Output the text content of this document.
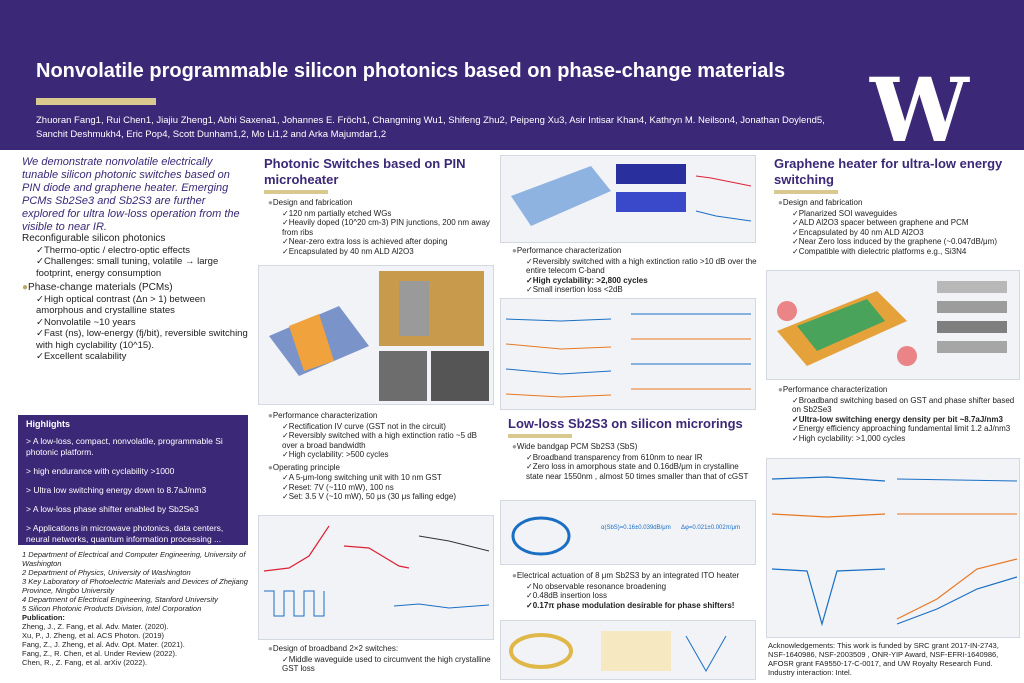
Nonvolatile programmable silicon photonics based on phase-change materials
Zhuoran Fang1, Rui Chen1, Jiajiu Zheng1, Abhi Saxena1, Johannes E. Fröch1, Changming Wu1, Shifeng Zhu2, Peipeng Xu3, Asir Intisar Khan4, Kathryn M. Neilson4, Jonathan Doylend5, Sanchit Deshmukh4, Eric Pop4, Scott Dunham1,2, Mo Li1,2 and Arka Majumdar1,2	W
We demonstrate nonvolatile electrically tunable silicon photonic switches based on PIN diode and graphene heater. Emerging PCMs Sb2Se3 and Sb2S3 are further explored for ultra low-loss operation from the visible to near IR.
Reconfigurable silicon photonics
✓ Thermo-optic / electro-optic effects
✓ Challenges: small tuning, volatile → large footprint, energy consumption
● Phase-change materials (PCMs)
✓ High optical contrast (Δn > 1) between amorphous and crystalline states
✓ Nonvolatile ~10 years
✓ Fast (ns), low-energy (fj/bit), reversible switching with high cyclability (10^15).
✓ Excellent scalability
Highlights
> A low-loss, compact, nonvolatile, programmable Si photonic platform.
> high endurance with cyclability >1000
> Ultra low switching energy down to 8.7aJ/nm3
> A low-loss phase shifter enabled by Sb2Se3
> Applications in microwave photonics, data centers, neural networks, quantum information processing ...
1 Department of Electrical and Computer Engineering, University of Washington
2 Department of Physics, University of Washington
3 Key Laboratory of Photoelectric Materials and Devices of Zhejiang Province, Ningbo University
4 Department of Electrical Engineering, Stanford University
5 Silicon Photonic Products Division, Intel Corporation
Publication:
Zheng, J., Z. Fang, et al. Adv. Mater. (2020).
Xu, P., J. Zheng, et al. ACS Photon. (2019)
Fang, Z., J. Zheng, et al. Adv. Opt. Mater. (2021).
Fang, Z., R. Chen, et al. Under Review (2022).
Chen, R., Z. Fang, et al. arXiv (2022).
Photonic Switches based on PIN microheater
● Design and fabrication
✓ 120 nm partially etched WGs
✓ Heavily doped (10^20 cm-3) PIN junctions, 200 nm away from ribs
✓ Near-zero extra loss is achieved after doping
✓ Encapsulated by 40 nm ALD Al2O3
● Performance characterization
✓ Rectification IV curve (GST not in the circuit)
✓ Reversibly switched with a high extinction ratio ~5 dB over a broad bandwidth
✓ High cyclability: >500 cycles
● Operating principle
✓ A 5-μm-long switching unit with 10 nm GST
✓ Reset: 7V (~110 mW), 100 ns
✓ Set: 3.5 V (~10 mW), 50 μs (30 μs falling edge)
● Design of broadband 2×2 switches:
✓ Middle waveguide used to circumvent the high crystalline GST loss
● Performance characterization
✓ Reversibly switched with a high extinction ratio >10 dB over the entire telecom C-band
✓ High cyclability: >2,800 cycles
✓ Small insertion loss <2dB
Low-loss Sb2S3 on silicon microrings
● Wide bandgap PCM Sb2S3 (SbS)
✓ Broadband transparency from 610nm to near IR
✓ Zero loss in amorphous state and 0.16dB/μm in crystalline state near 1550nm , almost 50 times smaller than that of cGST
α(SbS)=0.16±0.039dB/μm Δφ=0.021±0.002π/μm
● Electrical actuation of 8 μm Sb2S3 by an integrated ITO heater
✓ No observable resonance broadening
✓ 0.48dB insertion loss
✓ 0.17π phase modulation desirable for phase shifters!
Graphene heater for ultra-low energy switching
● Design and fabrication
✓ Planarized SOI waveguides
✓ ALD Al2O3 spacer between graphene and PCM
✓ Encapsulated by 40 nm ALD Al2O3
✓ Near Zero loss induced by the graphene (~0.047dB/μm)
✓ Compatible with dielectric platforms e.g., Si3N4
● Performance characterization
✓ Broadband switching based on GST and phase shifter based on Sb2Se3
✓ Ultra-low switching energy density per bit ~8.7aJ/nm3
✓ Energy efficiency approaching fundamental limit 1.2 aJ/nm3
✓ High cyclability: >1,000 cycles
Acknowledgements: This work is funded by SRC grant 2017-IN-2743, NSF-1640986, NSF-2003509 , ONR-YIP Award, NSF-EFRI-1640986, AFOSR grant FA9550-17-C-0017, and UW Royalty Research Fund. Industry interaction: Intel.
